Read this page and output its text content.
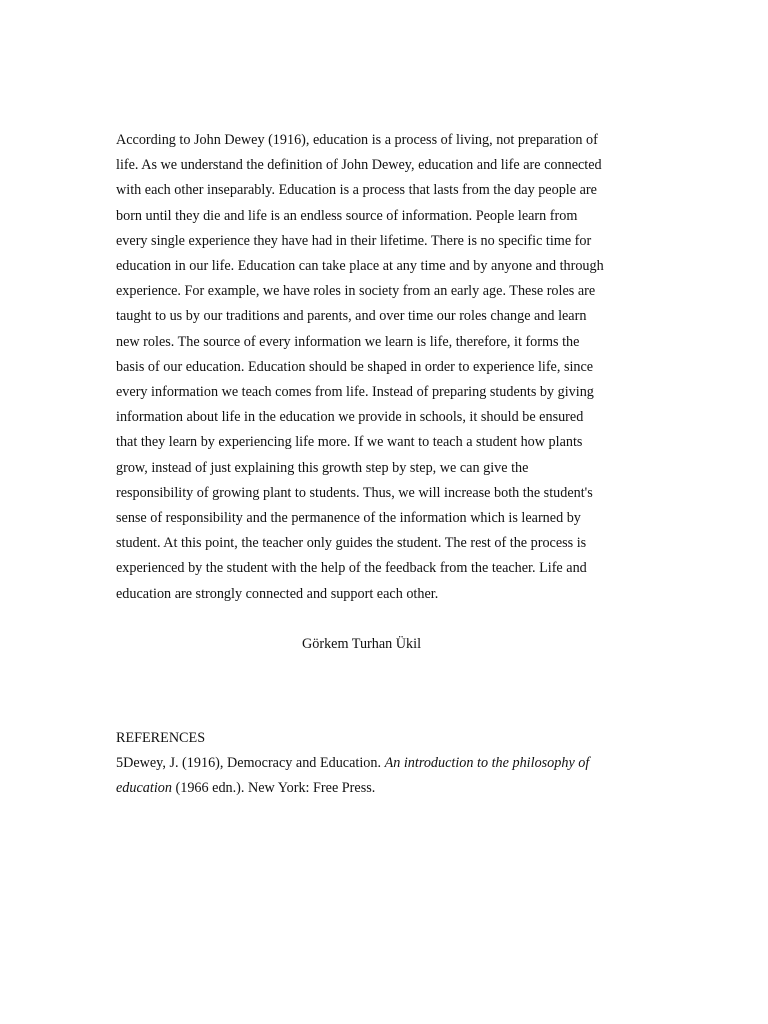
According to John Dewey (1916), education is a process of living, not preparation of
life. As we understand the definition of John Dewey, education and life are connected
with each other inseparably. Education is a process that lasts from the day people are
born until they die and life is an endless source of information. People learn from
every single experience they have had in their lifetime. There is no specific time for
education in our life. Education can take place at any time and by anyone and through
experience. For example, we have roles in society from an early age. These roles are
taught to us by our traditions and parents, and over time our roles change and learn
new roles. The source of every information we learn is life, therefore, it forms the
basis of our education. Education should be shaped in order to experience life, since
every information we teach comes from life. Instead of preparing students by giving
information about life in the education we provide in schools, it should be ensured
that they learn by experiencing life more. If we want to teach a student how plants
grow, instead of just explaining this growth step by step, we can give the
responsibility of growing plant to students. Thus, we will increase both the student's
sense of responsibility and the permanence of the information which is learned by
student. At this point, the teacher only guides the student. The rest of the process is
experienced by the student with the help of the feedback from the teacher. Life and
education are strongly connected and support each other.
Görkem Turhan Ükil
REFERENCES
5Dewey, J. (1916), Democracy and Education. An introduction to the philosophy of
education (1966 edn.). New York: Free Press.
